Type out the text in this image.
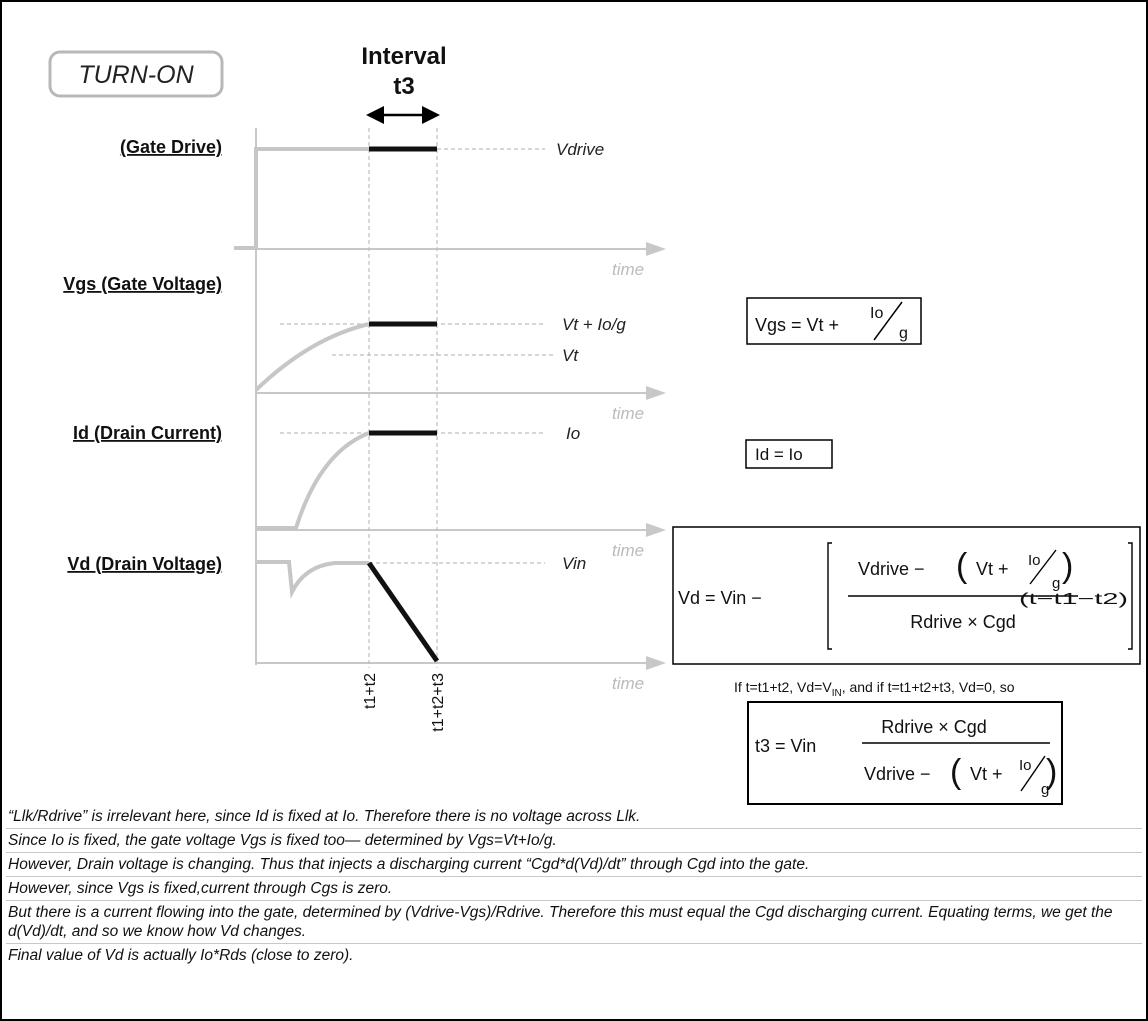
TURN-ON
Interval
t3
(Gate Drive)
Vgs (Gate Voltage)
Id (Drain Current)
Vd (Drain Voltage)
time
time
time
time
Vdrive
Vt + Io/g
Vt
Io
Vin
t1+t2	t1+t2+t3
Vgs = Vt +
Io
g
Id = Io
Vd = Vin −
Vdrive − ( Vt + Io
g )
Rdrive × Cgd
(t−t1−t2)
If t=t1+t2, $Vd=V_{IN}$, and if t=t1+t2+t3, Vd=0, so
t3 = Vin
Rdrive × Cgd
Vdrive − ( Vt + Io
g
)
“Llk/Rdrive” is irrelevant here, since Id is fixed at Io. Therefore there is no voltage across Llk.
Since Io is fixed, the gate voltage Vgs is fixed too— determined by Vgs=Vt+Io/g.
However, Drain voltage is changing. Thus that injects a discharging current “Cgd*d(Vd)/dt” through Cgd into the gate.
However, since Vgs is fixed,current through Cgs is zero.
But there is a current flowing into the gate, determined by (Vdrive-Vgs)/Rdrive. Therefore this must equal the Cgd discharging current. Equating terms, we get the d(Vd)/dt, and so we know how Vd changes.
Final value of Vd is actually Io*Rds (close to zero).
